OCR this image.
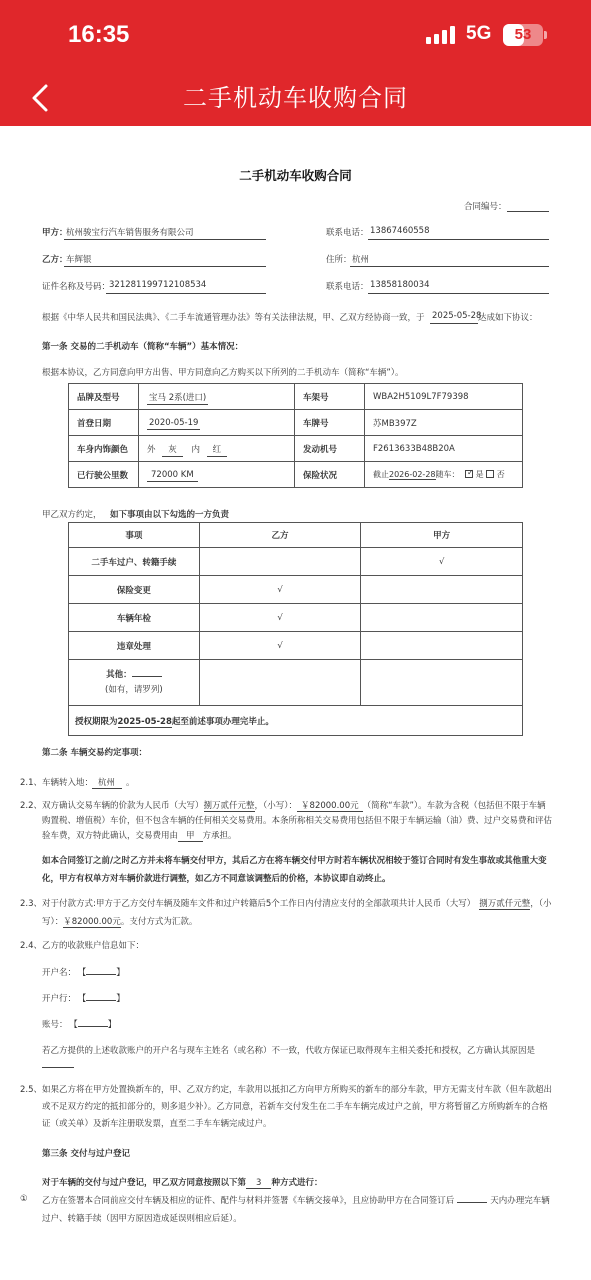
16:35	5G	53
二手机动车收购合同
二手机动车收购合同
合同编号：
甲方：
杭州骏宝行汽车销售服务有限公司	联系电话： 13867460558
乙方：
车辉银	住所： 杭州
证件名称及号码：
321281199712108534	联系电话： 13858180034
根据《中华人民共和国民法典》、《二手车流通管理办法》等有关法律法规，甲、乙双方经协商一致，于 2025-05-28
达成如下协议：
第一条 交易的二手机动车（简称“车辆”）基本情况：
根据本协议，乙方同意向甲方出售、甲方同意向乙方购买以下所列的二手机动车（简称“车辆”）。
品牌及型号	宝马 2系(进口)	车架号	WBA2H5109L7F79398
首登日期	2020-05-19	车牌号	苏MB397Z
车身内饰颜色	外 灰 内 红	发动机号	F2613633B48B20A
已行驶公里数	72000 KM	保险状况	截止2026-02-28随车： ✓ 是 否
甲乙双方约定， 如下事项由以下勾选的一方负责
事项	乙方	甲方
二手车过户、转籍手续		√
保险变更	√	
车辆年检	√	
违章处理	√	
其他：
(如有，请罗列)		
授权期限为2025-05-28起至前述事项办理完毕止。		
第二条 车辆交易约定事项：
2.1、 车辆转入地： 杭州 。
2.2、 双方确认交易车辆的价款为人民币（大写）捌万贰仟元整，（小写）： ￥82000.00元 （简称“车款”）。车款为含税（包括但不限于车辆
购置税、增值税）车价，但不包含车辆的任何相关交易费用。本条所称相关交易费用包括但不限于车辆运输（油）费、过户交易费和评估
验车费，双方特此确认，交易费用由 甲 方承担。
如本合同签订之前/之时乙方并未将车辆交付甲方，其后乙方在将车辆交付甲方时若车辆状况相较于签订合同时有发生事故或其他重大变
化，甲方有权单方对车辆价款进行调整，如乙方不同意该调整后的价格，本协议即自动终止。
2.3、 对于付款方式:甲方于乙方交付车辆及随车文件和过户转籍后5个工作日内付清应支付的全部款项共计人民币（大写） 捌万贰仟元整，（小
写）：￥82000.00元。支付方式为汇款。
2.4、 乙方的收款账户信息如下：
开户名： 【	】
开户行： 【	】
账号： 【	】
若乙方提供的上述收款账户的开户名与现车主姓名（或名称）不一致，代收方保证已取得现车主相关委托和授权，乙方确认其原因是
2.5、 如果乙方将在甲方处置换新车的，甲、乙双方约定，车款用以抵扣乙方向甲方所购买的新车的部分车款，甲方无需支付车款（但车款超出
或不足双方约定的抵扣部分的，则多退少补）。乙方同意，若新车交付发生在二手车车辆完成过户之前，甲方将暂留乙方所购新车的合格
证（或关单）及新车注册联发票，直至二手车车辆完成过户。
第三条 交付与过户登记
对于车辆的交付与过户登记，甲乙双方同意按照以下第 3 种方式进行：
① 乙方在签署本合同前应交付车辆及相应的证件、配件与材料并签署《车辆交接单》，且应协助甲方在合同签订后	天内办理完车辆
过户、转籍手续（因甲方原因造成延误则相应后延）。
